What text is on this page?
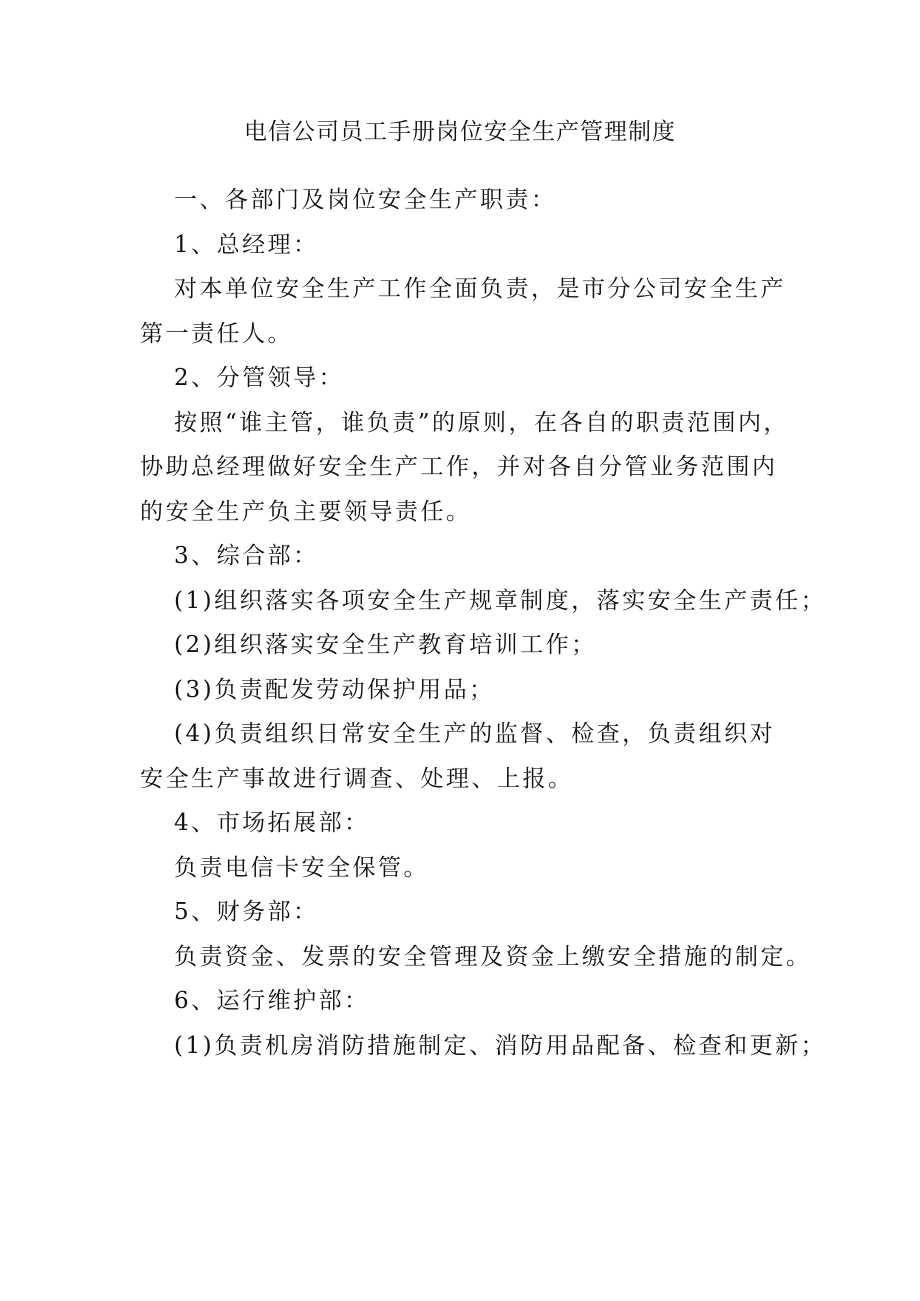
电信公司员工手册岗位安全生产管理制度

一、各部门及岗位安全生产职责：

1、总经理：

对本单位安全生产工作全面负责，是市分公司安全生产第一责任人。

2、分管领导：

按照“谁主管，谁负责”的原则，在各自的职责范围内，协助总经理做好安全生产工作，并对各自分管业务范围内的安全生产负主要领导责任。

3、综合部：

(1)组织落实各项安全生产规章制度，落实安全生产责任；

(2)组织落实安全生产教育培训工作；

(3)负责配发劳动保护用品；

(4)负责组织日常安全生产的监督、检查，负责组织对安全生产事故进行调查、处理、上报。

4、市场拓展部：

负责电信卡安全保管。

5、财务部：

负责资金、发票的安全管理及资金上缴安全措施的制定。

6、运行维护部：

(1)负责机房消防措施制定、消防用品配备、检查和更新；
